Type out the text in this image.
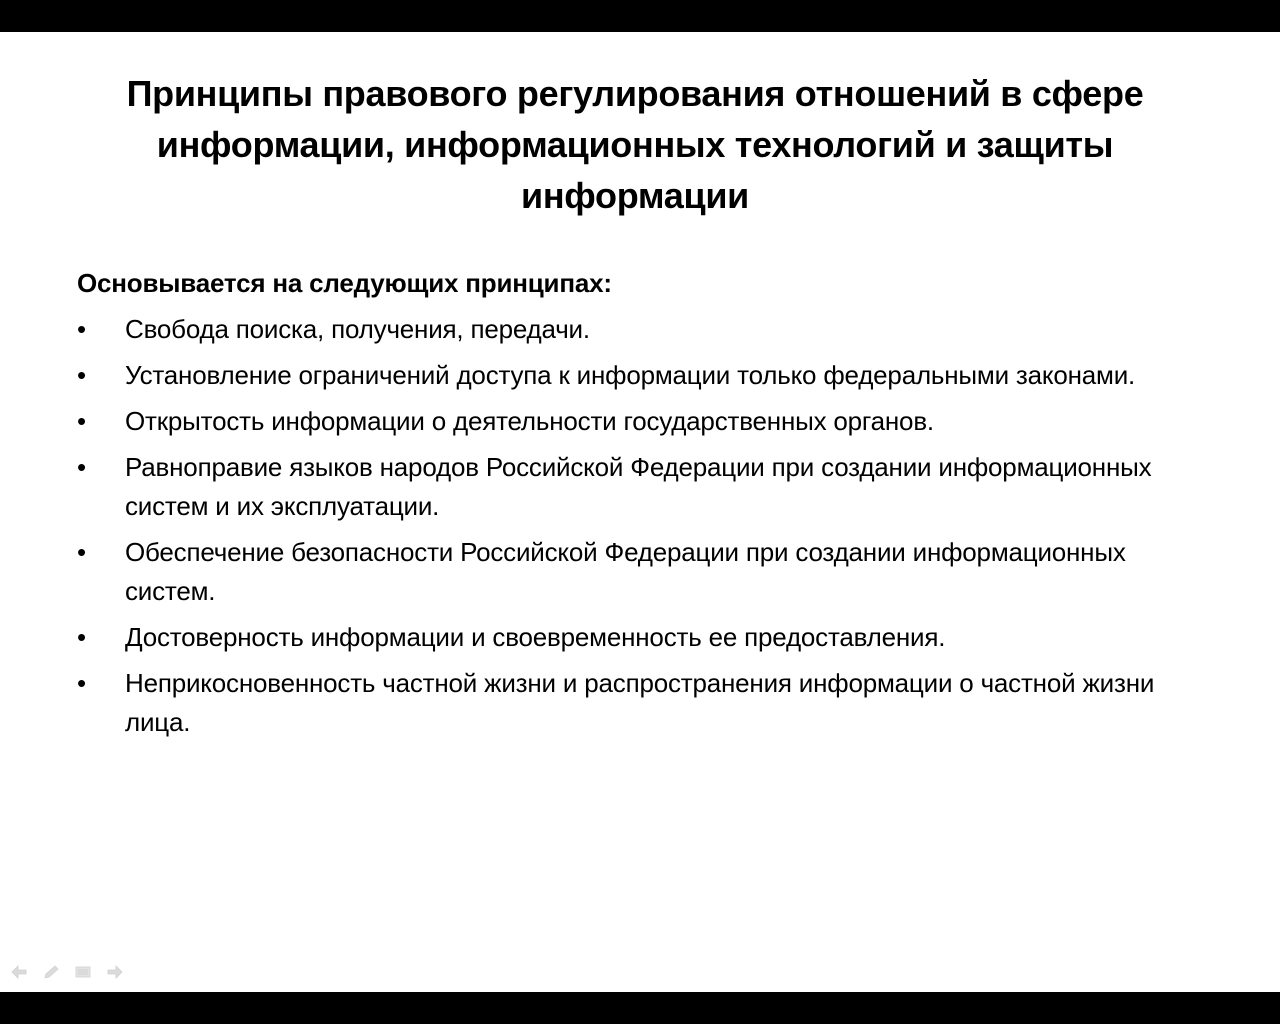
Принципы правового регулирования отношений в сфере информации, информационных технологий и защиты информации

Основывается на следующих принципах:

•	Свобода поиска, получения, передачи.
•	Установление ограничений доступа к информации только федеральными законами.
•	Открытость информации о деятельности государственных органов.
•	Равноправие языков народов Российской Федерации при создании информационных систем и их эксплуатации.
•	Обеспечение безопасности Российской Федерации при создании информационных систем.
•	Достоверность информации и своевременность ее предоставления.
•	Неприкосновенность частной жизни и распространения информации о частной жизни лица.
